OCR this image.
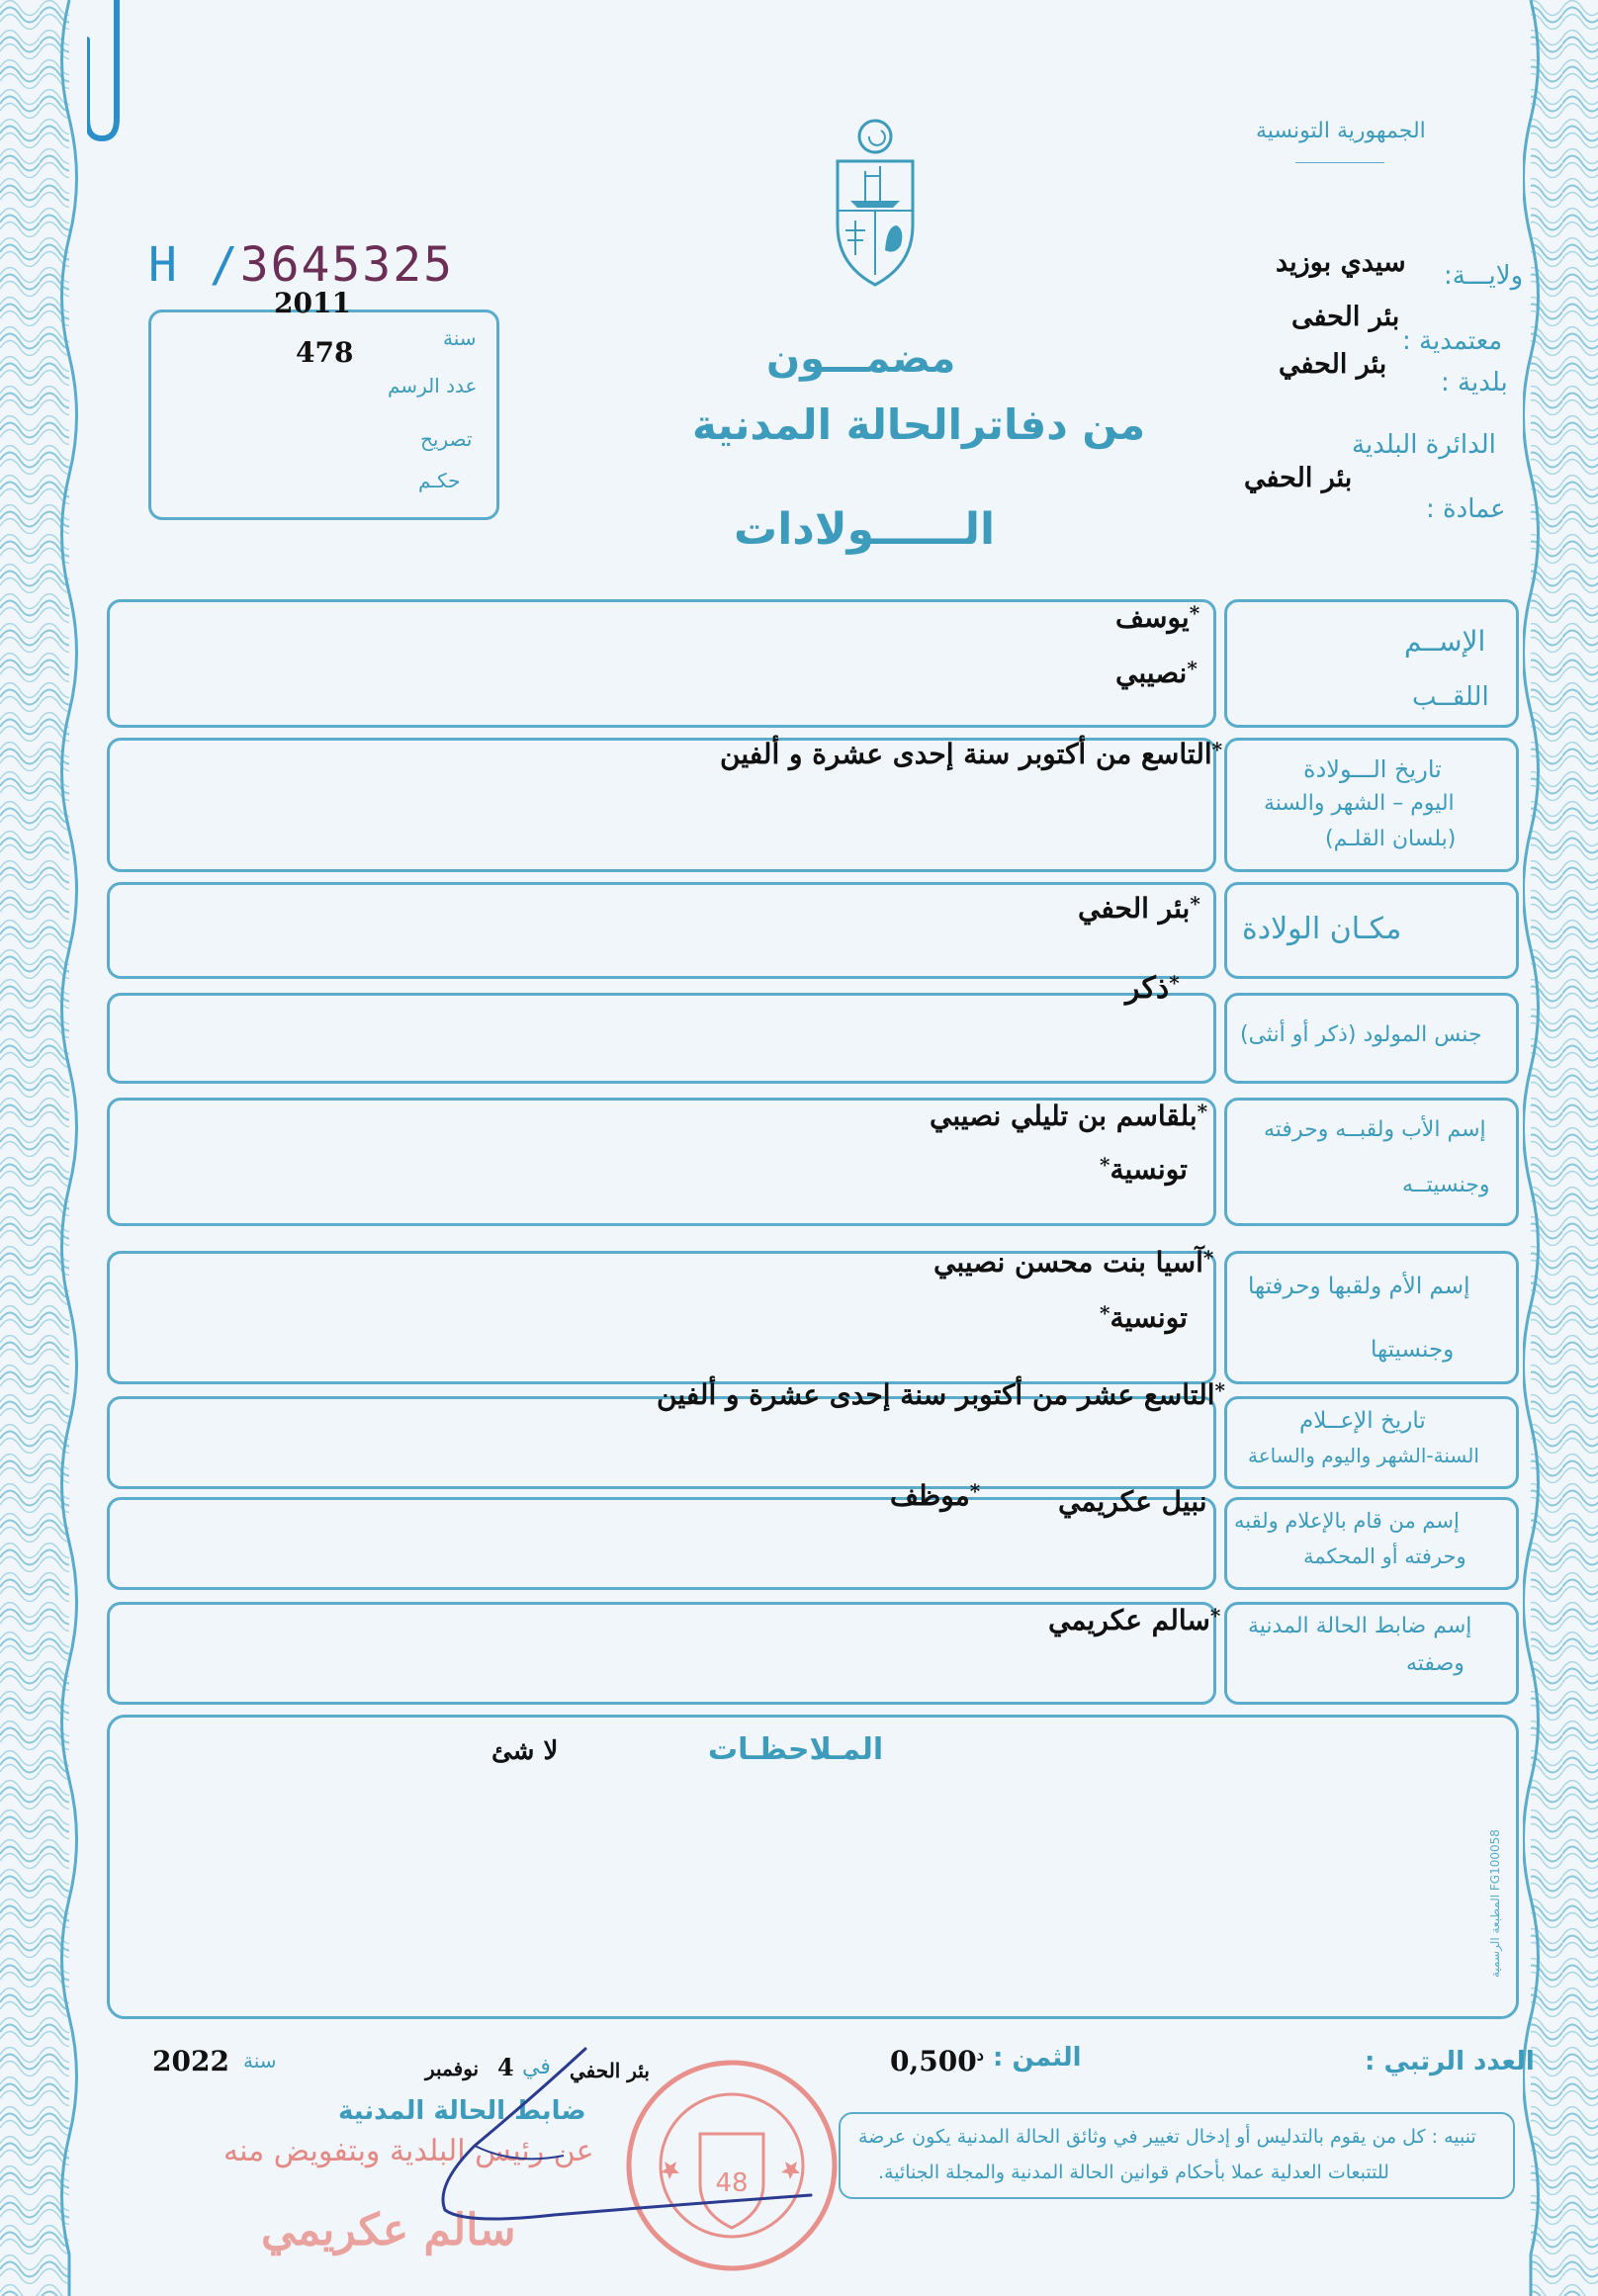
الجمهورية التونسية
H /3645325
2011
478	سنة
عدد الرسم
تصريح
حكـم
مضمـــون
من دفاترالحالة المدنية
الــــــولادات
ولايـــة:
سيدي بوزيد
معتمدية :
بئر الحفى
بلدية :
بئر الحفي
الدائرة البلدية
بئر الحفي
عمادة :
الإســم
اللقــب
*يوسف
*نصيبي
تاريخ الـــولادة
اليوم – الشهر والسنة
(بلسان القلـم)
*التاسع من أكتوبر سنة إحدى عشرة و ألفين
مكـان الولادة
*بئر الحفي
جنس المولود (ذكر أو أنثى)
*ذكر
إسم الأب ولقبــه وحرفته
وجنسيتــه
*بلقاسم بن تليلي نصيبي
تونسية*
إسم الأم ولقبها وحرفتها
وجنسيتها
*آسيا بنت محسن نصيبي
تونسية*
تاريخ الإعــلام
السنة-الشهر واليوم والساعة
*التاسع عشر من أكتوبر سنة إحدى عشرة و ألفين
إسم من قام بالإعلام ولقبه
وحرفته أو المحكمة
نبيل عكريمي
*موظف
إسم ضابط الحالة المدنية
وصفته
*سالم عكريمي
المـلاحظـات
لا شئ
المطبعة الرسمية FG100058
العدد الرتبي :
الثمن :
$0,500^د$
بئر الحفي
في
4
نوفمبر
سنة
2022
ضابط الحالة المدنية
عن رئيس البلدية وبتفويض منه
سالم عكريمي
48
تنبيه : كل من يقوم بالتدليس أو إدخال تغيير في وثائق الحالة المدنية يكون عرضة
للتتبعات العدلية عملا بأحكام قوانين الحالة المدنية والمجلة الجنائية.
